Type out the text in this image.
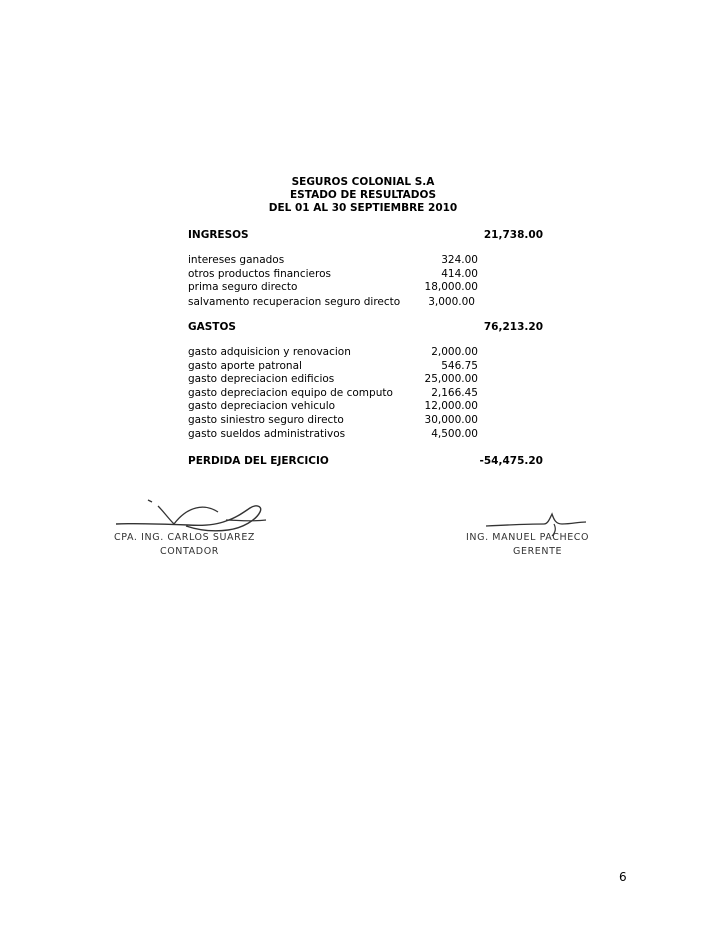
SEGUROS COLONIAL S.A
ESTADO DE RESULTADOS
DEL 01 AL 30 SEPTIEMBRE 2010
INGRESOS	21,738.00
intereses ganados	324.00
otros productos financieros	414.00
prima seguro directo	18,000.00
salvamento recuperacion seguro directo	3,000.00
GASTOS	76,213.20
gasto adquisicion y renovacion	2,000.00
gasto aporte patronal	546.75
gasto depreciacion edificios	25,000.00
gasto depreciacion equipo de computo	2,166.45
gasto depreciacion vehiculo	12,000.00
gasto siniestro seguro directo	30,000.00
gasto sueldos administrativos	4,500.00
PERDIDA DEL EJERCICIO	-54,475.20
CPA. ING. CARLOS SUAREZ
CONTADOR
ING. MANUEL PACHECO
GERENTE
6
